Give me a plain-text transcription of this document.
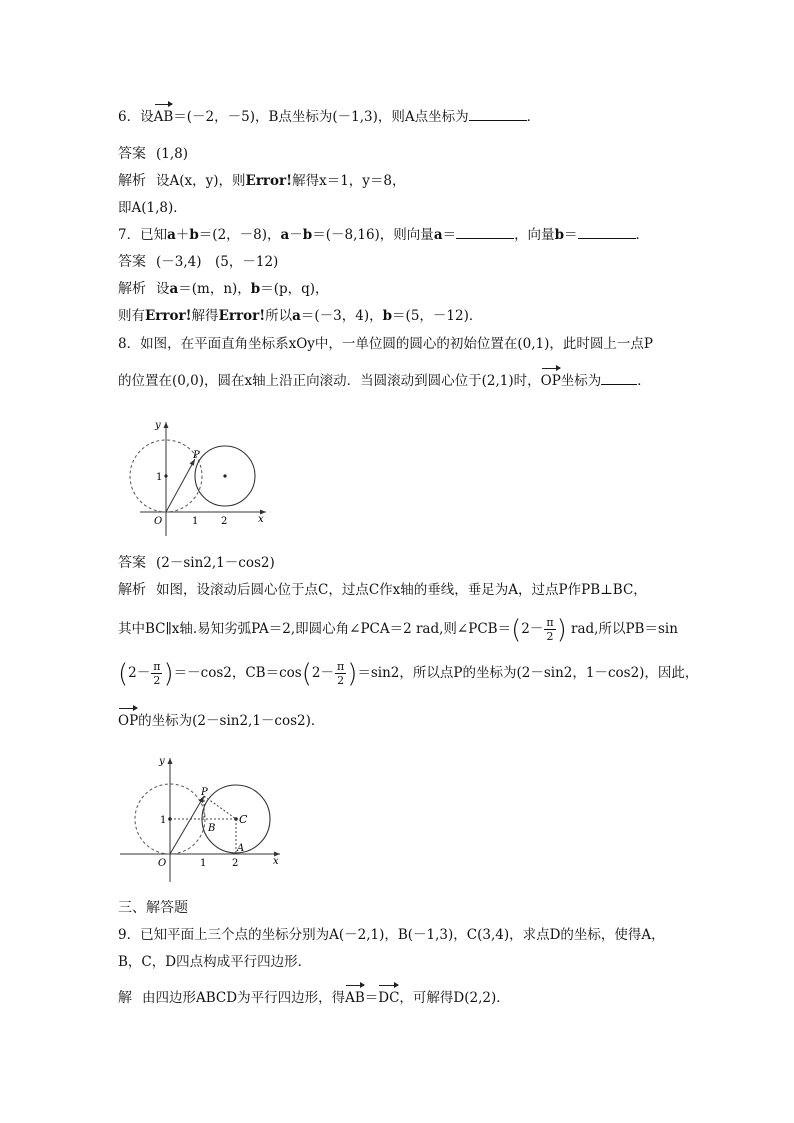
6．设AB＝(－2，－5)，B点坐标为(－1,3)，则A点坐标为	．
答案 (1,8)
解析 设A(x，y)，则Error!解得x＝1，y＝8，
即A(1,8)．
7．已知a＋b＝(2，－8)，a－b＝(－8,16)，则向量a＝	，向量b＝	．
答案 (－3,4)　(5，－12)
解析 设a＝(m，n)，b＝(p，q)，
则有Error!解得Error!所以a＝(－3，4)，b＝(5，－12)．
8．如图，在平面直角坐标系xOy中，一单位圆的圆心的初始位置在(0,1)，此时圆上一点P
的位置在(0,0)，圆在x轴上沿正向滚动．当圆滚动到圆心位于(2,1)时，OP坐标为	．
y
P
1
O	1 2	x
答案 (2－sin2,1－cos2)
解析 如图，设滚动后圆心位于点C，过点C作x轴的垂线，垂足为A，过点P作PB⊥BC，
其中BC∥x轴.易知劣弧PA＝2,即圆心角∠PCA＝2 rad,则∠PCB＝(2－ $\frac{\pi}{2}$ ) rad,所以PB＝sin
$(2- \frac{\pi}{2} )=-\cos 2$，$CB=\cos(2- \frac{\pi}{2} )=\sin 2$，所以点P的坐标为(2－sin2，1－cos2)，因此，
OP的坐标为(2－sin2,1－cos2)．
y
P
1
B
C
A
O	1	2	x
三、解答题
9．已知平面上三个点的坐标分别为A(－2,1)，B(－1,3)，C(3,4)，求点D的坐标，使得A，
B，C，D四点构成平行四边形．
解 由四边形ABCD为平行四边形，得AB＝DC，可解得D(2,2)．
